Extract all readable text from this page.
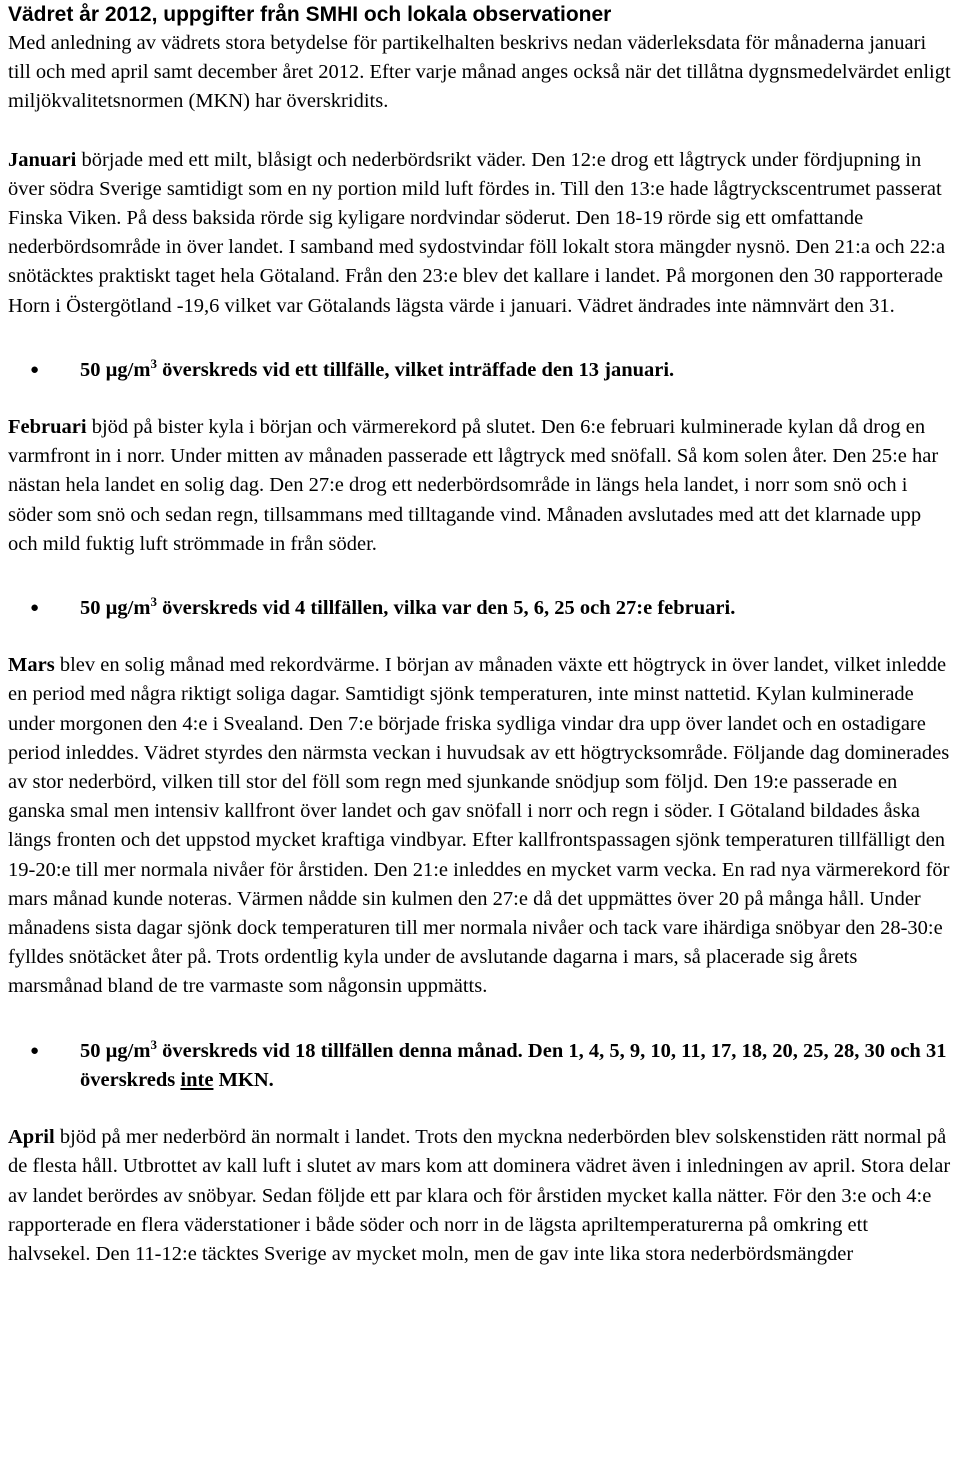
Vädret år 2012, uppgifter från SMHI och lokala observationer

Med anledning av vädrets stora betydelse för partikelhalten beskrivs nedan väderleksdata för månaderna januari till och med april samt december året 2012. Efter varje månad anges också när det tillåtna dygnsmedelvärdet enligt miljökvalitetsnormen (MKN) har överskridits.

Januari började med ett milt, blåsigt och nederbördsrikt väder. Den 12:e drog ett lågtryck under fördjupning in över södra Sverige samtidigt som en ny portion mild luft fördes in. Till den 13:e hade lågtryckscentrumet passerat Finska Viken. På dess baksida rörde sig kyligare nordvindar söderut. Den 18-19 rörde sig ett omfattande nederbördsområde in över landet. I samband med sydostvindar föll lokalt stora mängder nysnö. Den 21:a och 22:a snötäcktes praktiskt taget hela Götaland. Från den 23:e blev det kallare i landet. På morgonen den 30 rapporterade Horn i Östergötland -19,6 vilket var Götalands lägsta värde i januari. Vädret ändrades inte nämnvärt den 31.

● 50 $\mu g/m^3$ överskreds vid ett tillfälle, vilket inträffade den 13 januari.

Februari bjöd på bister kyla i början och värmerekord på slutet. Den 6:e februari kulminerade kylan då drog en varmfront in i norr. Under mitten av månaden passerade ett lågtryck med snöfall. Så kom solen åter. Den 25:e har nästan hela landet en solig dag. Den 27:e drog ett nederbördsområde in längs hela landet, i norr som snö och i söder som snö och sedan regn, tillsammans med tilltagande vind. Månaden avslutades med att det klarnade upp och mild fuktig luft strömmade in från söder.

● 50 $\mu g/m^3$ överskreds vid 4 tillfällen, vilka var den 5, 6, 25 och 27:e februari.

Mars blev en solig månad med rekordvärme. I början av månaden växte ett högtryck in över landet, vilket inledde en period med några riktigt soliga dagar. Samtidigt sjönk temperaturen, inte minst nattetid. Kylan kulminerade under morgonen den 4:e i Svealand. Den 7:e började friska sydliga vindar dra upp över landet och en ostadigare period inleddes. Vädret styrdes den närmsta veckan i huvudsak av ett högtrycksområde. Följande dag dominerades av stor nederbörd, vilken till stor del föll som regn med sjunkande snödjup som följd. Den 19:e passerade en ganska smal men intensiv kallfront över landet och gav snöfall i norr och regn i söder. I Götaland bildades åska längs fronten och det uppstod mycket kraftiga vindbyar. Efter kallfrontspassagen sjönk temperaturen tillfälligt den 19-20:e till mer normala nivåer för årstiden. Den 21:e inleddes en mycket varm vecka. En rad nya värmerekord för mars månad kunde noteras. Värmen nådde sin kulmen den 27:e då det uppmättes över 20 på många håll. Under månadens sista dagar sjönk dock temperaturen till mer normala nivåer och tack vare ihärdiga snöbyar den 28-30:e fylldes snötäcket åter på. Trots ordentlig kyla under de avslutande dagarna i mars, så placerade sig årets marsmånad bland de tre varmaste som någonsin uppmätts.

● 50 $\mu g/m^3$ överskreds vid 18 tillfällen denna månad. Den 1, 4, 5, 9, 10, 11, 17, 18, 20, 25, 28, 30 och 31 överskreds inte MKN.

April bjöd på mer nederbörd än normalt i landet. Trots den myckna nederbörden blev solskenstiden rätt normal på de flesta håll. Utbrottet av kall luft i slutet av mars kom att dominera vädret även i inledningen av april. Stora delar av landet berördes av snöbyar. Sedan följde ett par klara och för årstiden mycket kalla nätter. För den 3:e och 4:e rapporterade en flera väderstationer i både söder och norr in de lägsta apriltemperaturerna på omkring ett halvsekel. Den 11-12:e täcktes Sverige av mycket moln, men de gav inte lika stora nederbördsmängder
